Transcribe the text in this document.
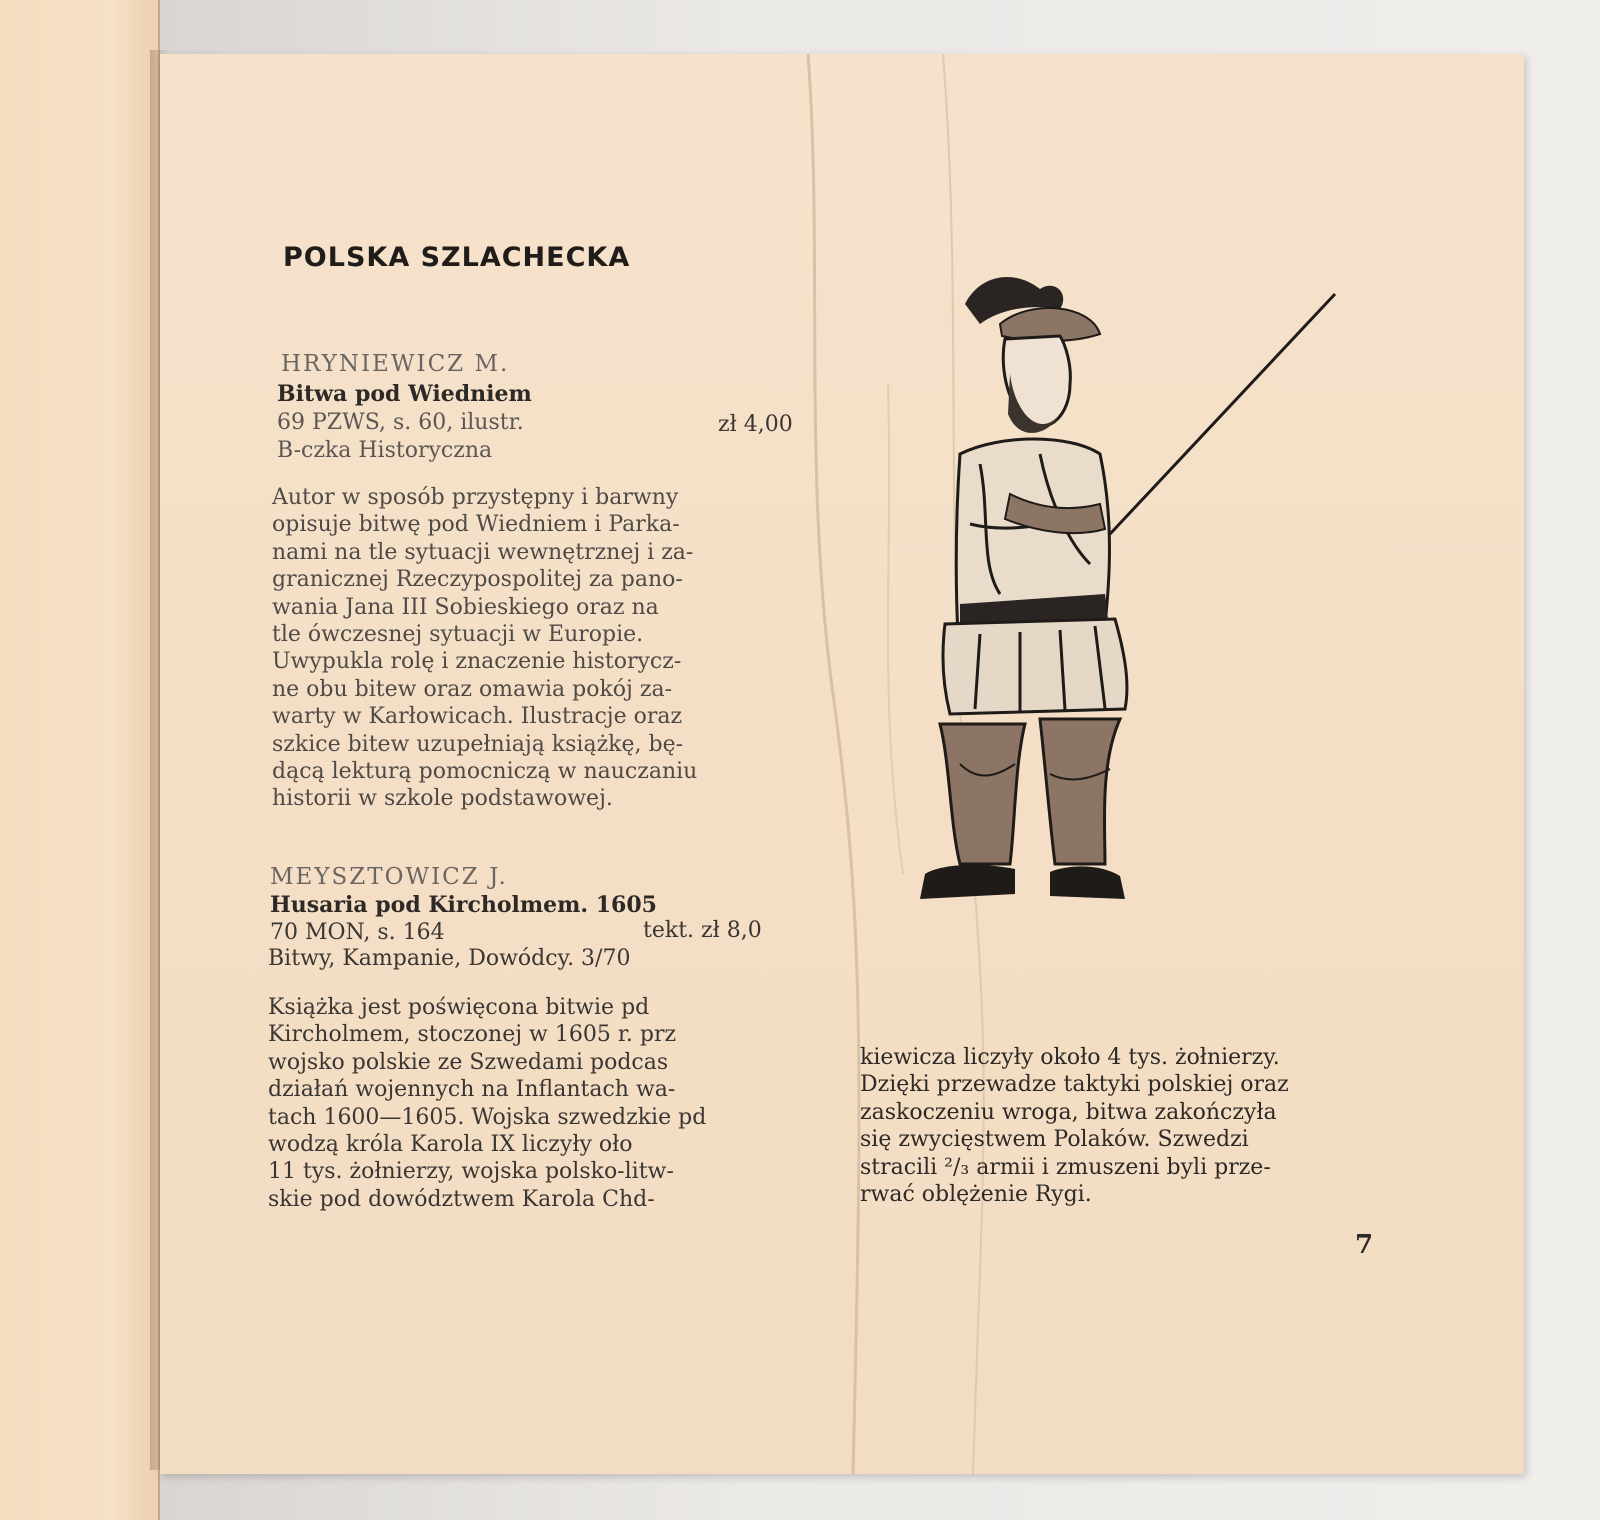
POLSKA SZLACHECKA
HRYNIEWICZ M.
Bitwa pod Wiedniem
69 PZWS, s. 60, ilustr.	zł 4,00
B-czka Historyczna
Autor w sposób przystępny i barwny
opisuje bitwę pod Wiedniem i Parka-
nami na tle sytuacji wewnętrznej i za-
granicznej Rzeczypospolitej za pano-
wania Jana III Sobieskiego oraz na
tle ówczesnej sytuacji w Europie.
Uwypukla rolę i znaczenie historycz-
ne obu bitew oraz omawia pokój za-
warty w Karłowicach. Ilustracje oraz
szkice bitew uzupełniają książkę, bę-
dącą lekturą pomocniczą w nauczaniu
historii w szkole podstawowej.
MEYSZTOWICZ J.
Husaria pod Kircholmem. 1605
70 MON, s. 164	tekt. zł 8,0
Bitwy, Kampanie, Dowódcy. 3/70
Książka jest poświęcona bitwie pd
Kircholmem, stoczonej w 1605 r. prz
wojsko polskie ze Szwedami podcas
działań wojennych na Inflantach wa-
tach 1600—1605. Wojska szwedzkie pd
wodzą króla Karola IX liczyły oło
11 tys. żołnierzy, wojska polsko-litw-
skie pod dowództwem Karola Chd-
kiewicza liczyły około 4 tys. żołnierzy.
Dzięki przewadze taktyki polskiej oraz
zaskoczeniu wroga, bitwa zakończyła
się zwycięstwem Polaków. Szwedzi
stracili ²/₃ armii i zmuszeni byli prze-
rwać oblężenie Rygi.
7
